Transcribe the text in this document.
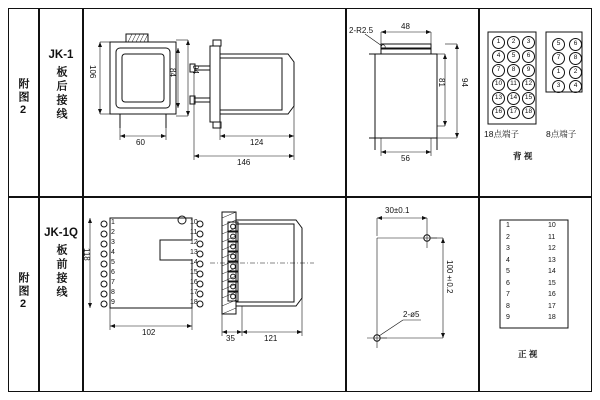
附图2
JK-1
板后接线	106	94
84
60	124
146
2-R2.5	48
81 94
56
1	2	3
4	5	6
7	8	9
10	11	12
13	14	15
16	17	18
5	6
7	8
1	2
3	4
18点端子	8点端子
背 视
附图2
JK-1Q
板前接线	118
102
35	121
1
2
3
4
5
6
7
8
9
10
11
12
13
14
15
16
17
18
30±0.1
100±0.2
2-ø5
1
2
3
4
5
6
7
8
9
10
11
12
13
14
15
16
17
18
正 视
